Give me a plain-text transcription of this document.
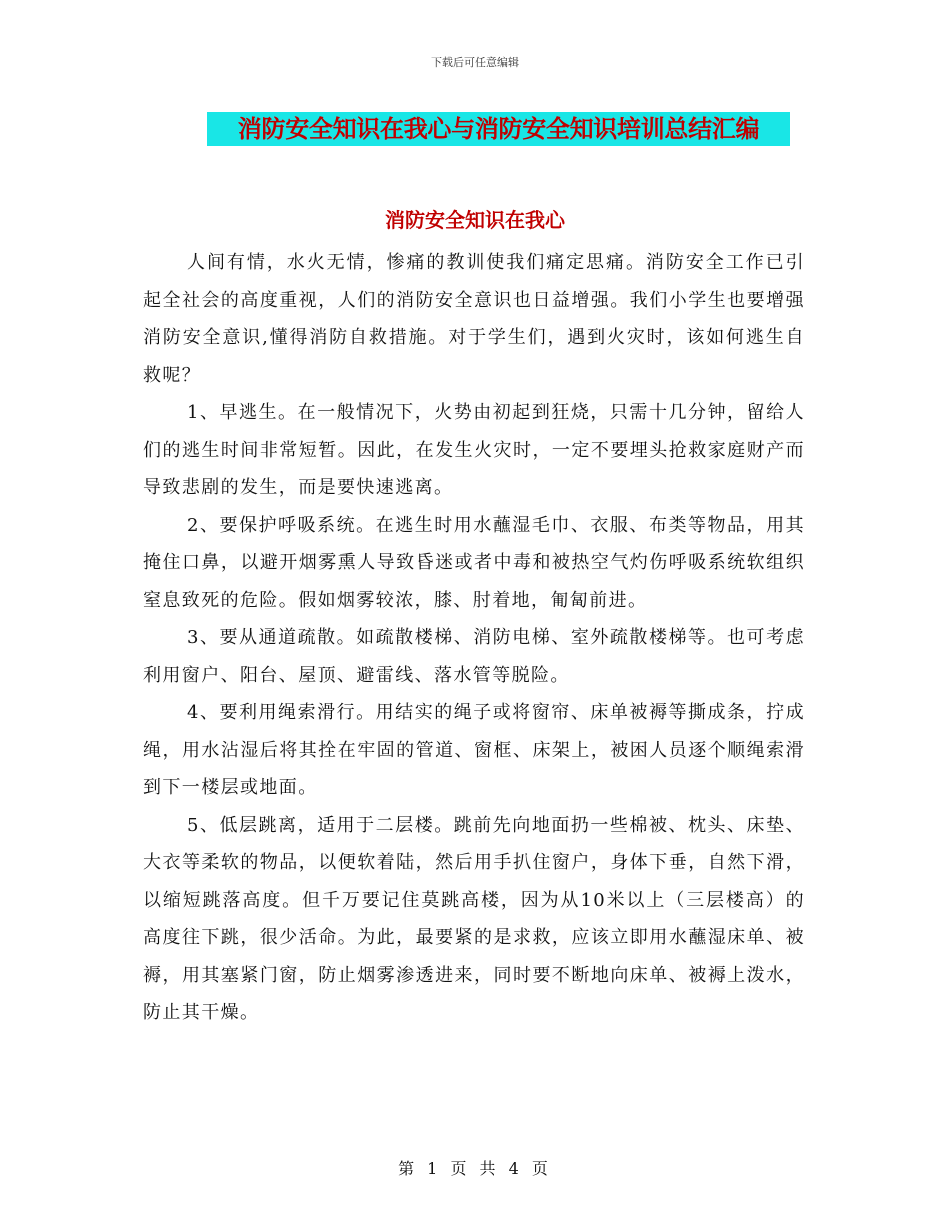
下载后可任意编辑
消防安全知识在我心与消防安全知识培训总结汇编
消防安全知识在我心

人间有情，水火无情，惨痛的教训使我们痛定思痛。消防安全工作已引起全社会的高度重视，人们的消防安全意识也日益增强。我们小学生也要增强消防安全意识,懂得消防自救措施。对于学生们，遇到火灾时，该如何逃生自救呢？

1、早逃生。在一般情况下，火势由初起到狂烧，只需十几分钟，留给人们的逃生时间非常短暂。因此，在发生火灾时，一定不要埋头抢救家庭财产而导致悲剧的发生，而是要快速逃离。

2、要保护呼吸系统。在逃生时用水蘸湿毛巾、衣服、布类等物品，用其掩住口鼻，以避开烟雾熏人导致昏迷或者中毒和被热空气灼伤呼吸系统软组织窒息致死的危险。假如烟雾较浓，膝、肘着地，匍匐前进。

3、要从通道疏散。如疏散楼梯、消防电梯、室外疏散楼梯等。也可考虑利用窗户、阳台、屋顶、避雷线、落水管等脱险。

4、要利用绳索滑行。用结实的绳子或将窗帘、床单被褥等撕成条，拧成绳，用水沾湿后将其拴在牢固的管道、窗框、床架上，被困人员逐个顺绳索滑到下一楼层或地面。

5、低层跳离，适用于二层楼。跳前先向地面扔一些棉被、枕头、床垫、大衣等柔软的物品，以便软着陆，然后用手扒住窗户，身体下垂，自然下滑，以缩短跳落高度。但千万要记住莫跳高楼，因为从10米以上（三层楼高）的高度往下跳，很少活命。为此，最要紧的是求救，应该立即用水蘸湿床单、被褥，用其塞紧门窗，防止烟雾渗透进来，同时要不断地向床单、被褥上泼水，防止其干燥。

第 1 页 共 4 页
